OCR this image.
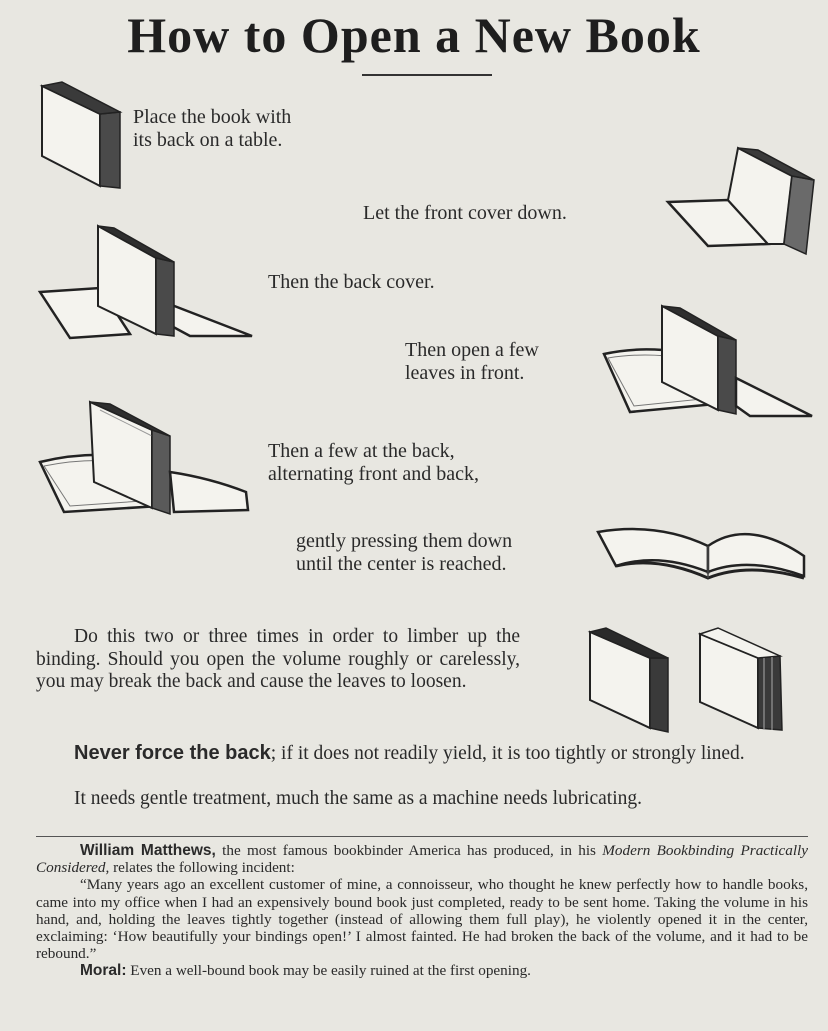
How to Open a New Book
Place the book with
its back on a table.
Let the front cover down.
Then the back cover.
Then open a few
leaves in front.
Then a few at the back,
alternating front and back,
gently pressing them down
until the center is reached.
Do this two or three times in order to limber up the binding. Should you open the volume roughly or carelessly, you may break the back and cause the leaves to loosen.
Never force the back; if it does not readily yield, it is too tightly or strongly lined.
It needs gentle treatment, much the same as a machine needs lubricating.
William Matthews, the most famous bookbinder America has produced, in his Modern Bookbinding Practically Considered, relates the following incident:
“Many years ago an excellent customer of mine, a connoisseur, who thought he knew perfectly how to handle books, came into my office when I had an expensively bound book just completed, ready to be sent home. Taking the volume in his hand, and, holding the leaves tightly together (instead of allowing them full play), he violently opened it in the center, exclaiming: ‘How beautifully your bindings open!’ I almost fainted. He had broken the back of the volume, and it had to be rebound.”
Moral: Even a well-bound book may be easily ruined at the first opening.
